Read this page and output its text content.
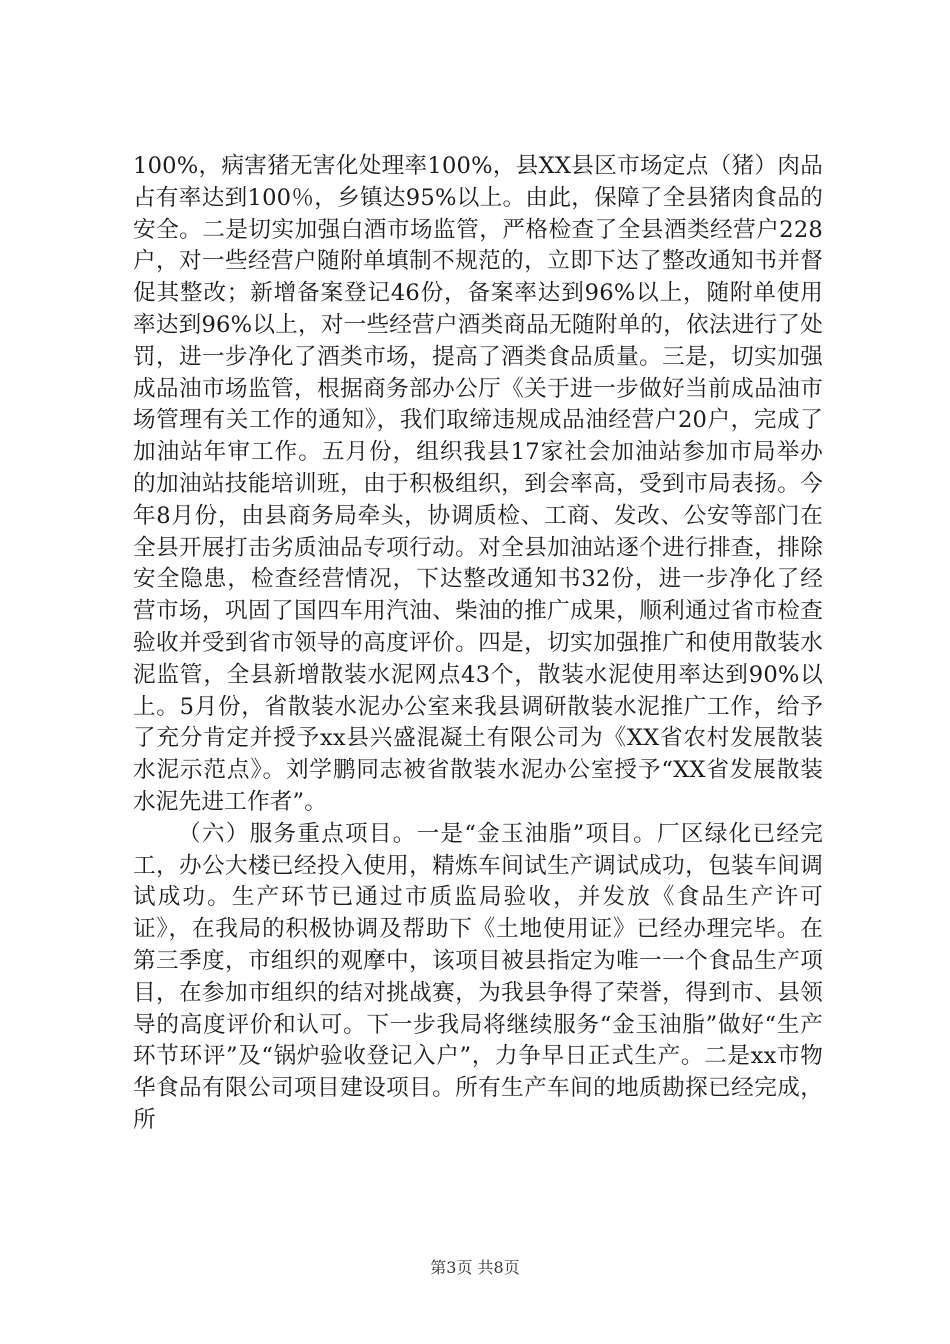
100%，病害猪无害化处理率100%，县XX县区市场定点（猪）肉品占有率达到100％，乡镇达95%以上。由此，保障了全县猪肉食品的安全。二是切实加强白酒市场监管，严格检查了全县酒类经营户228户，对一些经营户随附单填制不规范的，立即下达了整改通知书并督促其整改；新增备案登记46份，备案率达到96%以上，随附单使用率达到96%以上，对一些经营户酒类商品无随附单的，依法进行了处罚，进一步净化了酒类市场，提高了酒类食品质量。三是，切实加强成品油市场监管，根据商务部办公厅《关于进一步做好当前成品油市场管理有关工作的通知》，我们取缔违规成品油经营户20户，完成了加油站年审工作。五月份，组织我县17家社会加油站参加市局举办的加油站技能培训班，由于积极组织，到会率高，受到市局表扬。今年8月份，由县商务局牵头，协调质检、工商、发改、公安等部门在全县开展打击劣质油品专项行动。对全县加油站逐个进行排查，排除安全隐患，检查经营情况，下达整改通知书32份，进一步净化了经营市场，巩固了国四车用汽油、柴油的推广成果，顺利通过省市检查验收并受到省市领导的高度评价。四是，切实加强推广和使用散装水泥监管，全县新增散装水泥网点43个，散装水泥使用率达到90%以上。5月份，省散装水泥办公室来我县调研散装水泥推广工作，给予了充分肯定并授予xx县兴盛混凝土有限公司为《XX省农村发展散装水泥示范点》。刘学鹏同志被省散装水泥办公室授予“XX省发展散装水泥先进工作者”。

（六）服务重点项目。一是“金玉油脂”项目。厂区绿化已经完工，办公大楼已经投入使用，精炼车间试生产调试成功，包装车间调试成功。生产环节已通过市质监局验收，并发放《食品生产许可证》，在我局的积极协调及帮助下《土地使用证》已经办理完毕。在第三季度，市组织的观摩中，该项目被县指定为唯一一个食品生产项目，在参加市组织的结对挑战赛，为我县争得了荣誉，得到市、县领导的高度评价和认可。下一步我局将继续服务“金玉油脂”做好“生产环节环评”及“锅炉验收登记入户”，力争早日正式生产。二是xx市物华食品有限公司项目建设项目。所有生产车间的地质勘探已经完成，所

第3页 共8页
